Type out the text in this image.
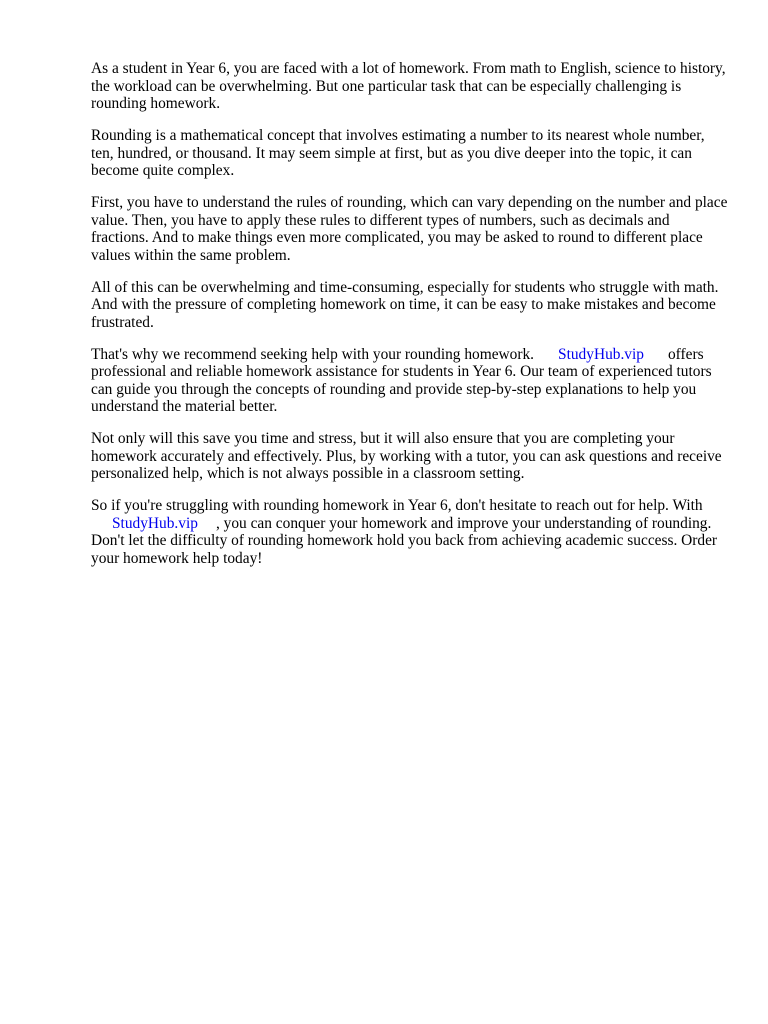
As a student in Year 6, you are faced with a lot of homework. From math to English, science to history, the workload can be overwhelming. But one particular task that can be especially challenging is rounding homework.

Rounding is a mathematical concept that involves estimating a number to its nearest whole number, ten, hundred, or thousand. It may seem simple at first, but as you dive deeper into the topic, it can become quite complex.

First, you have to understand the rules of rounding, which can vary depending on the number and place value. Then, you have to apply these rules to different types of numbers, such as decimals and fractions. And to make things even more complicated, you may be asked to round to different place values within the same problem.

All of this can be overwhelming and time-consuming, especially for students who struggle with math. And with the pressure of completing homework on time, it can be easy to make mistakes and become frustrated.

That's why we recommend seeking help with your rounding homework. StudyHub.vip offers professional and reliable homework assistance for students in Year 6. Our team of experienced tutors can guide you through the concepts of rounding and provide step-by-step explanations to help you understand the material better.

Not only will this save you time and stress, but it will also ensure that you are completing your homework accurately and effectively. Plus, by working with a tutor, you can ask questions and receive personalized help, which is not always possible in a classroom setting.

So if you're struggling with rounding homework in Year 6, don't hesitate to reach out for help. With
StudyHub.vip , you can conquer your homework and improve your understanding of rounding. Don't let the difficulty of rounding homework hold you back from achieving academic success. Order your homework help today!
